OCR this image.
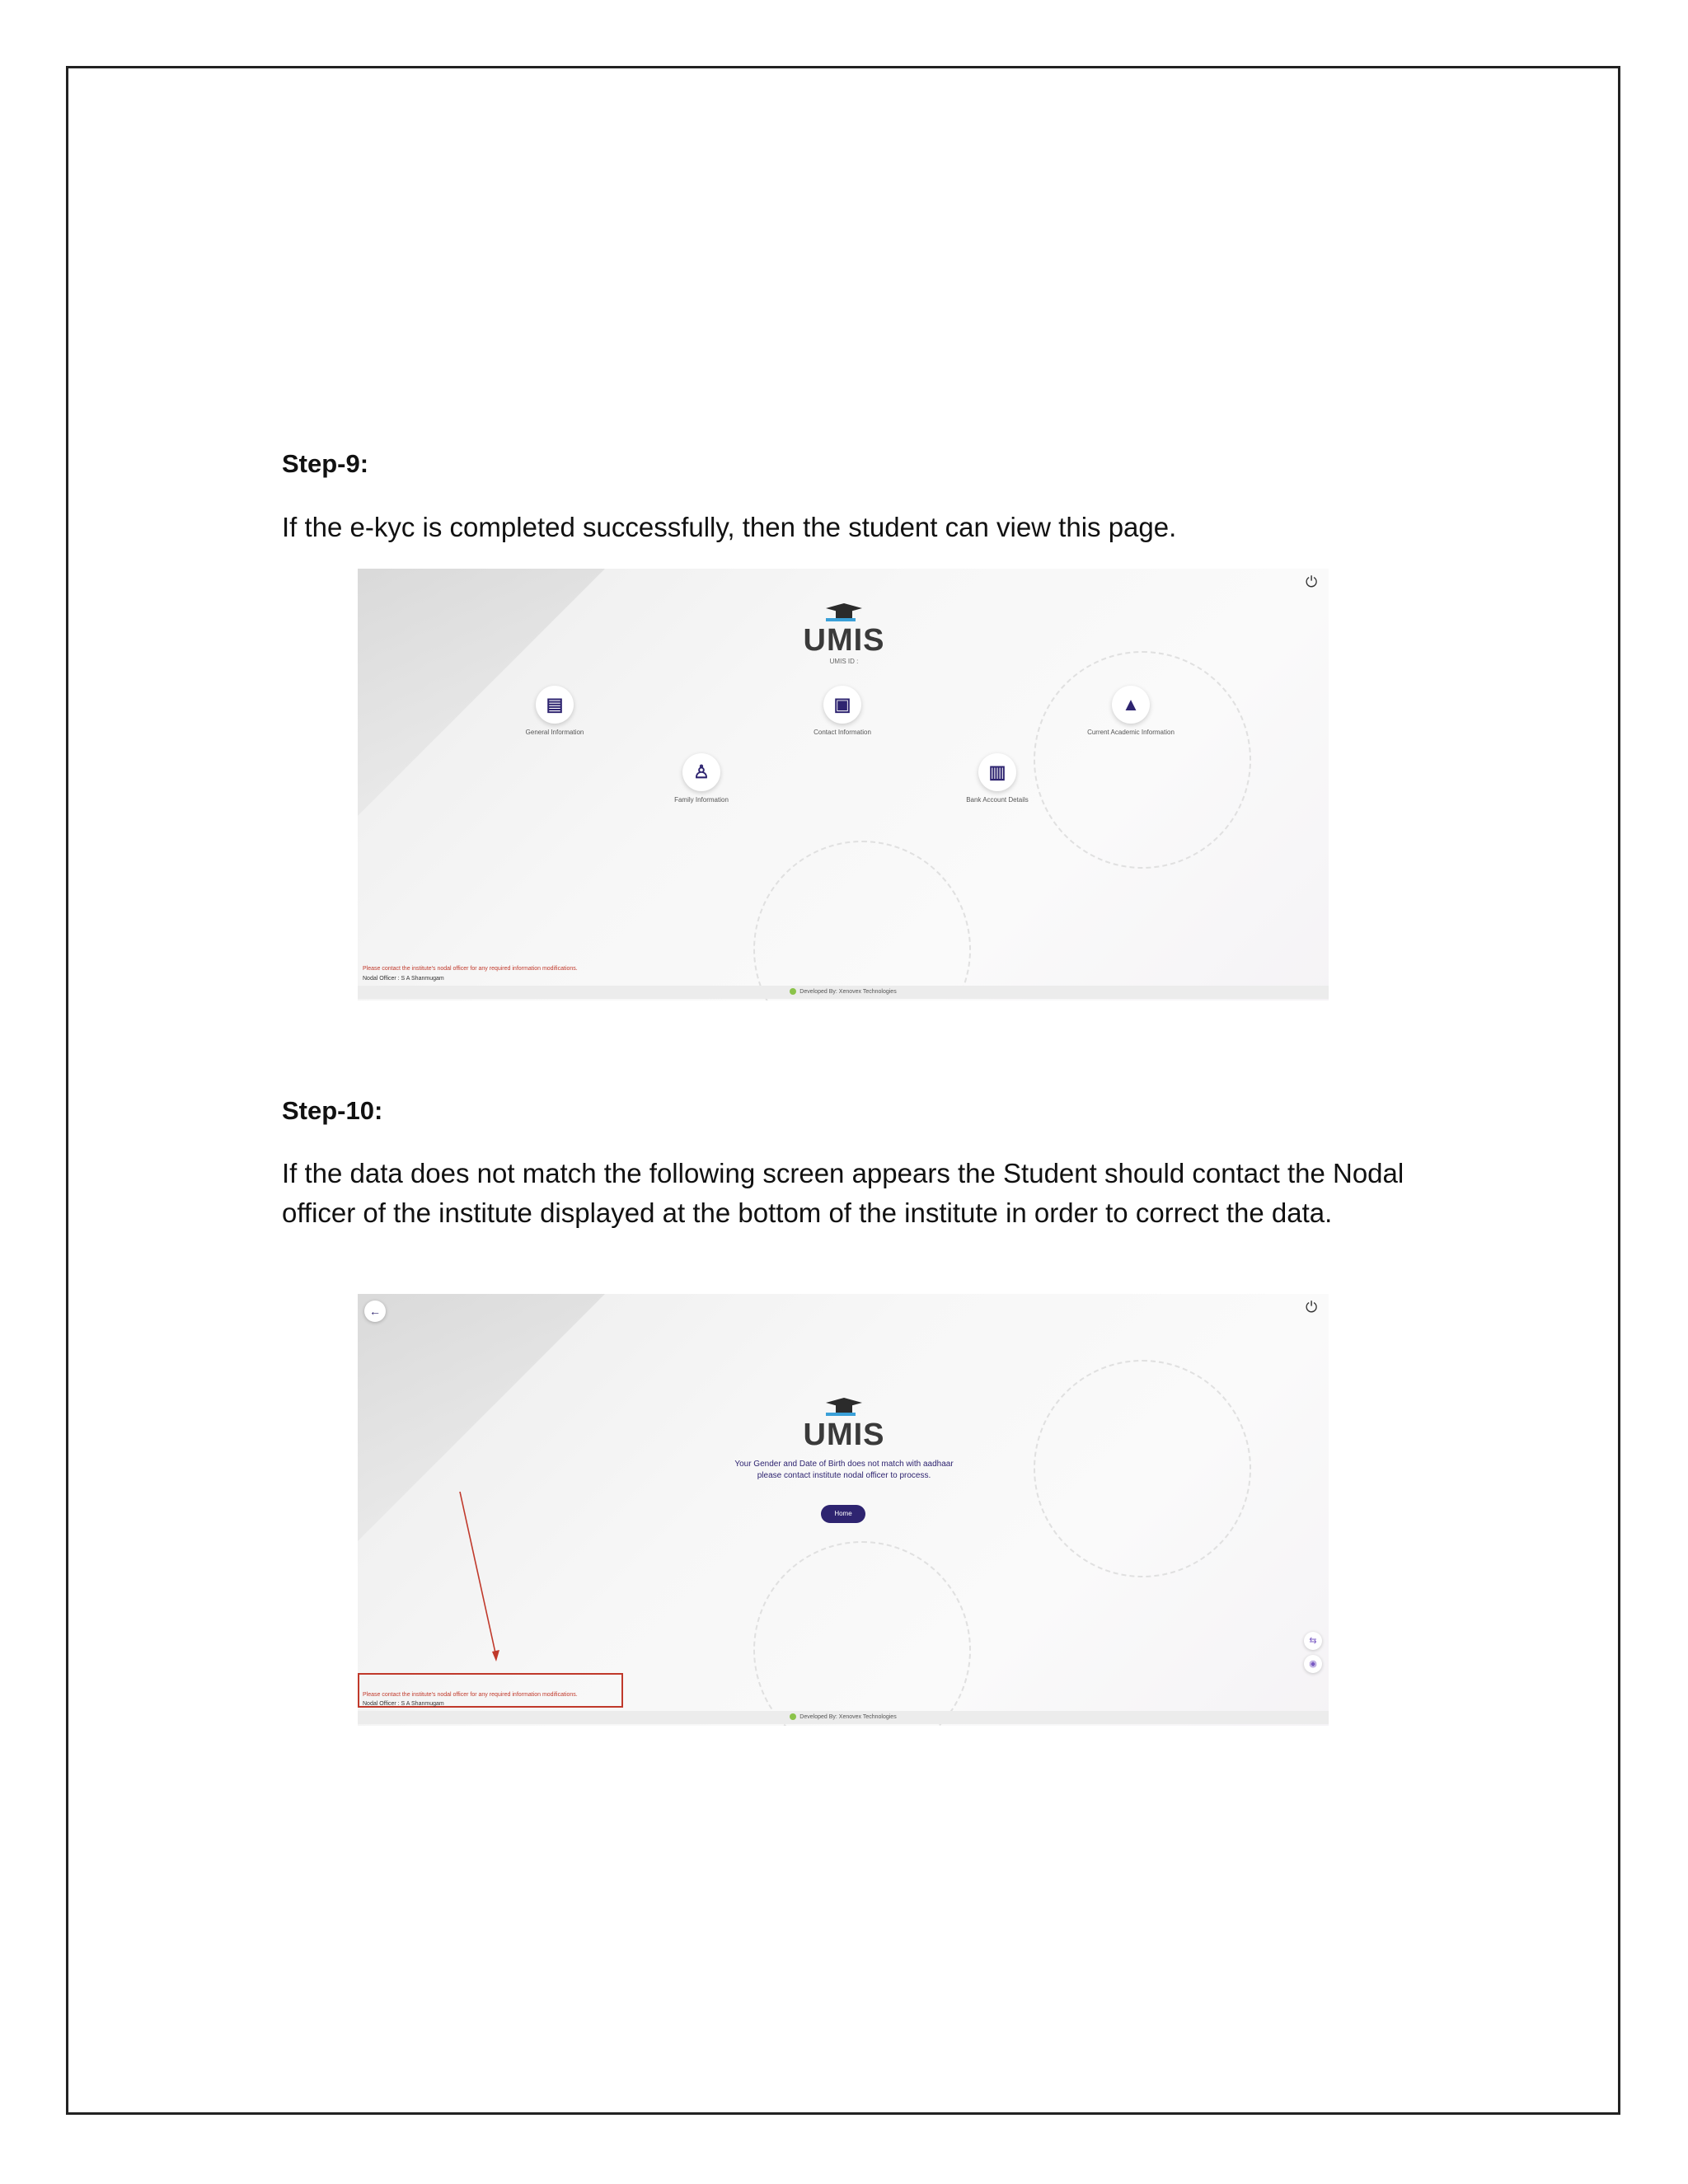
Step-9:
If the e-kyc is completed successfully, then the student can view this page.
⏻
UMIS
UMIS ID :
▤
General Information
▣
Contact Information
▲
Current Academic Information
♙
Family Information
▥
Bank Account Details
Please contact the institute's nodal officer for any required information modifications.
Nodal Officer : S A Shanmugam
Developed By: Xenovex Technologies
Step-10:
If the data does not match the following screen appears the Student should contact the Nodal officer of the institute displayed at the bottom of the institute in order to correct the data.
←	⏻
UMIS
Your Gender and Date of Birth does not match with aadhaar please contact institute nodal officer to process.
Home
⇆
◉
Please contact the institute's nodal officer for any required information modifications.
Nodal Officer : S A Shanmugam
Developed By: Xenovex Technologies
